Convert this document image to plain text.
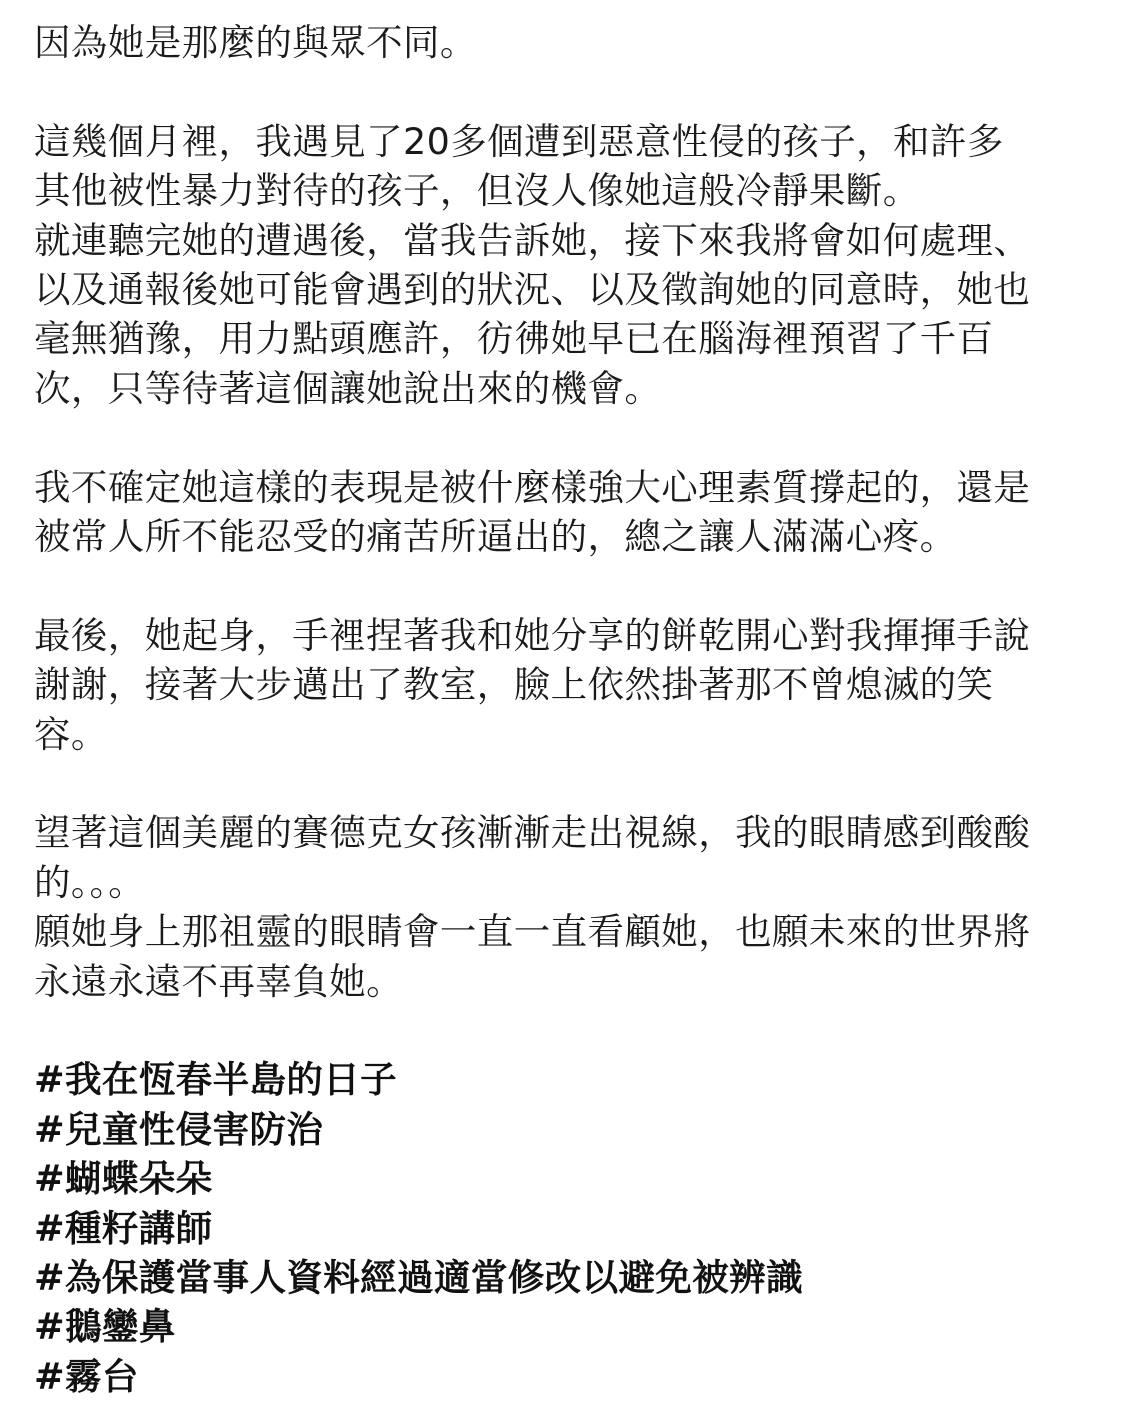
因為她是那麼的與眾不同。

這幾個月裡，我遇見了20多個遭到惡意性侵的孩子，和許多
其他被性暴力對待的孩子，但沒人像她這般冷靜果斷。
就連聽完她的遭遇後，當我告訴她，接下來我將會如何處理、
以及通報後她可能會遇到的狀況、以及徵詢她的同意時，她也
毫無猶豫，用力點頭應許，彷彿她早已在腦海裡預習了千百
次，只等待著這個讓她說出來的機會。

我不確定她這樣的表現是被什麼樣強大心理素質撐起的，還是
被常人所不能忍受的痛苦所逼出的，總之讓人滿滿心疼。

最後，她起身，手裡捏著我和她分享的餅乾開心對我揮揮手說
謝謝，接著大步邁出了教室，臉上依然掛著那不曾熄滅的笑
容。

望著這個美麗的賽德克女孩漸漸走出視線，我的眼睛感到酸酸
的。。。
願她身上那祖靈的眼睛會一直一直看顧她，也願未來的世界將
永遠永遠不再辜負她。

#我在恆春半島的日子
#兒童性侵害防治
#蝴蝶朵朵
#種籽講師
#為保護當事人資料經過適當修改以避免被辨識
#鵝鑾鼻
#霧台
